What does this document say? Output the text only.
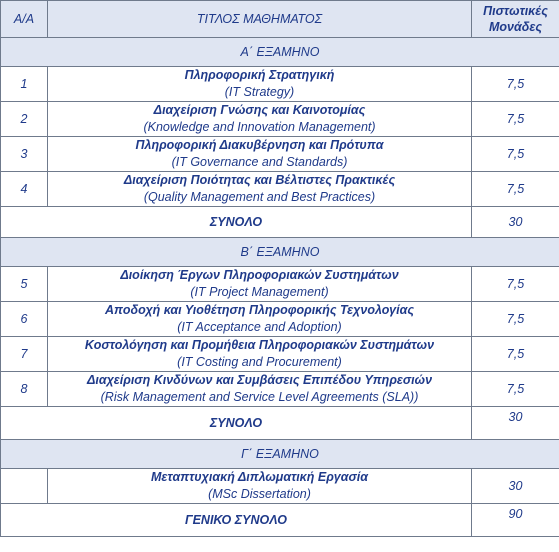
Α/Α	ΤΙΤΛΟΣ ΜΑΘΗΜΑΤΟΣ	Πιστωτικές
Μονάδες
Α΄ ΕΞΑΜΗΝΟ		
1	Πληροφορική Στρατηγική
(IT Strategy)	7,5
2	Διαχείριση Γνώσης και Καινοτομίας
(Knowledge and Innovation Management)	7,5
3	Πληροφορική Διακυβέρνηση και Πρότυπα
(IT Governance and Standards)	7,5
4	Διαχείριση Ποιότητας και Βέλτιστες Πρακτικές
(Quality Management and Best Practices)	7,5
ΣΥΝΟΛΟ		30
Β΄ ΕΞΑΜΗΝΟ		
5	Διοίκηση Έργων Πληροφοριακών Συστημάτων
(IT Project Management)	7,5
6	Αποδοχή και Υιοθέτηση Πληροφορικής Τεχνολογίας
(IT Acceptance and Adoption)	7,5
7	Κοστολόγηση και Προμήθεια Πληροφοριακών Συστημάτων
(IT Costing and Procurement)	7,5
8	Διαχείριση Κινδύνων και Συμβάσεις Επιπέδου Υπηρεσιών
(Risk Management and Service Level Agreements (SLA))	7,5
ΣΥΝΟΛΟ		30
Γ΄ ΕΞΑΜΗΝΟ		

	Μεταπτυχιακή Διπλωματική Εργασία
(MSc Dissertation)	30
ΓΕΝΙΚΟ ΣΥΝΟΛΟ		90
